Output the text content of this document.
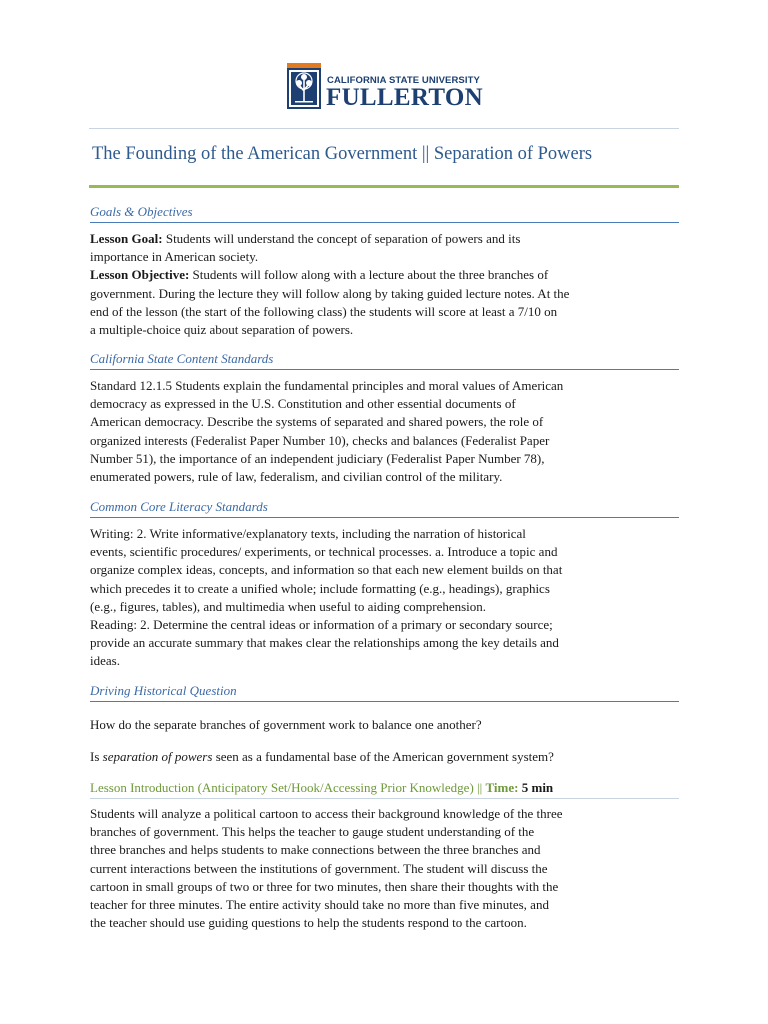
CALIFORNIA STATE UNIVERSITY
FULLERTON
The Founding of the American Government || Separation of Powers
Goals & Objectives
Lesson Goal: Students will understand the concept of separation of powers and its
importance in American society.
Lesson Objective: Students will follow along with a lecture about the three branches of
government. During the lecture they will follow along by taking guided lecture notes. At the
end of the lesson (the start of the following class) the students will score at least a 7/10 on
a multiple-choice quiz about separation of powers.
California State Content Standards
Standard 12.1.5 Students explain the fundamental principles and moral values of American
democracy as expressed in the U.S. Constitution and other essential documents of
American democracy. Describe the systems of separated and shared powers, the role of
organized interests (Federalist Paper Number 10), checks and balances (Federalist Paper
Number 51), the importance of an independent judiciary (Federalist Paper Number 78),
enumerated powers, rule of law, federalism, and civilian control of the military.
Common Core Literacy Standards
Writing: 2. Write informative/explanatory texts, including the narration of historical
events, scientific procedures/ experiments, or technical processes. a. Introduce a topic and
organize complex ideas, concepts, and information so that each new element builds on that
which precedes it to create a unified whole; include formatting (e.g., headings), graphics
(e.g., figures, tables), and multimedia when useful to aiding comprehension.
Reading: 2. Determine the central ideas or information of a primary or secondary source;
provide an accurate summary that makes clear the relationships among the key details and
ideas.
Driving Historical Question
How do the separate branches of government work to balance one another?
Is separation of powers seen as a fundamental base of the American government system?
Lesson Introduction (Anticipatory Set/Hook/Accessing Prior Knowledge) || Time: 5 min
Students will analyze a political cartoon to access their background knowledge of the three
branches of government. This helps the teacher to gauge student understanding of the
three branches and helps students to make connections between the three branches and
current interactions between the institutions of government. The student will discuss the
cartoon in small groups of two or three for two minutes, then share their thoughts with the
teacher for three minutes. The entire activity should take no more than five minutes, and
the teacher should use guiding questions to help the students respond to the cartoon.
